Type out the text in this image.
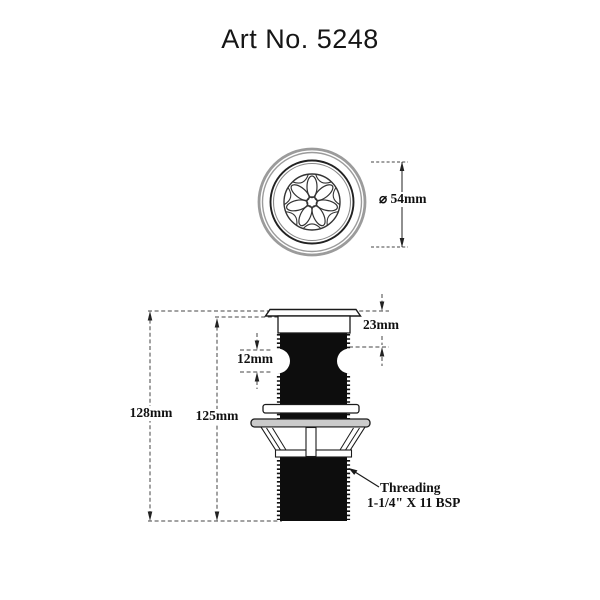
Art No. 5248
⌀ 54mm
23mm
12mm
128mm 125mm
Threading
1-1/4" X 11 BSP
